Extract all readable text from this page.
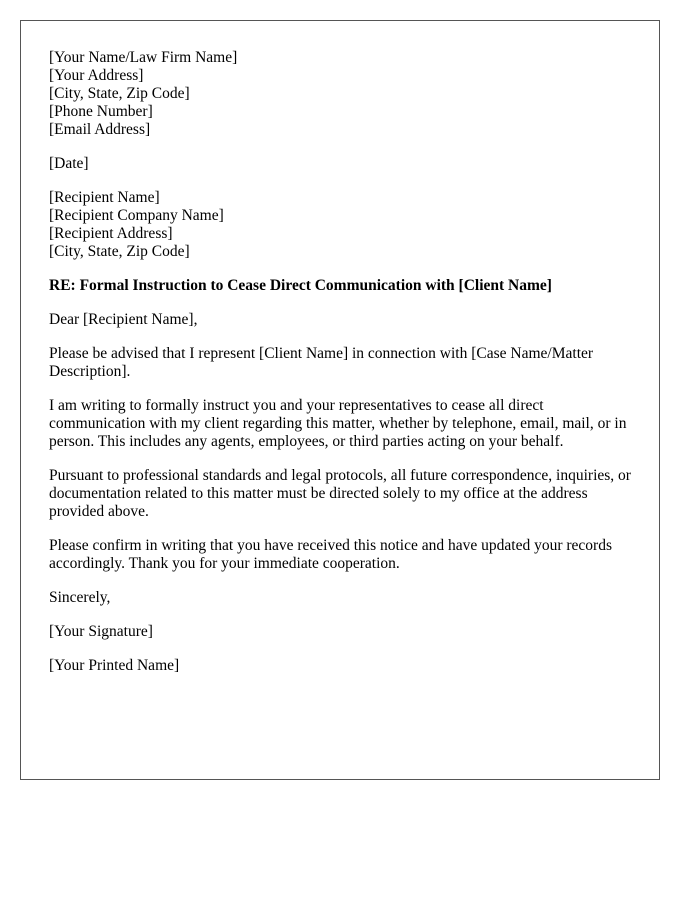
[Your Name/Law Firm Name]
[Your Address]
[City, State, Zip Code]
[Phone Number]
[Email Address]
[Date]
[Recipient Name]
[Recipient Company Name]
[Recipient Address]
[City, State, Zip Code]
RE: Formal Instruction to Cease Direct Communication with [Client Name]
Dear [Recipient Name],

Please be advised that I represent [Client Name] in connection with [Case Name/Matter Description].

I am writing to formally instruct you and your representatives to cease all direct communication with my client regarding this matter, whether by telephone, email, mail, or in person. This includes any agents, employees, or third parties acting on your behalf.

Pursuant to professional standards and legal protocols, all future correspondence, inquiries, or documentation related to this matter must be directed solely to my office at the address provided above.

Please confirm in writing that you have received this notice and have updated your records accordingly. Thank you for your immediate cooperation.

Sincerely,
[Your Signature]
[Your Printed Name]
